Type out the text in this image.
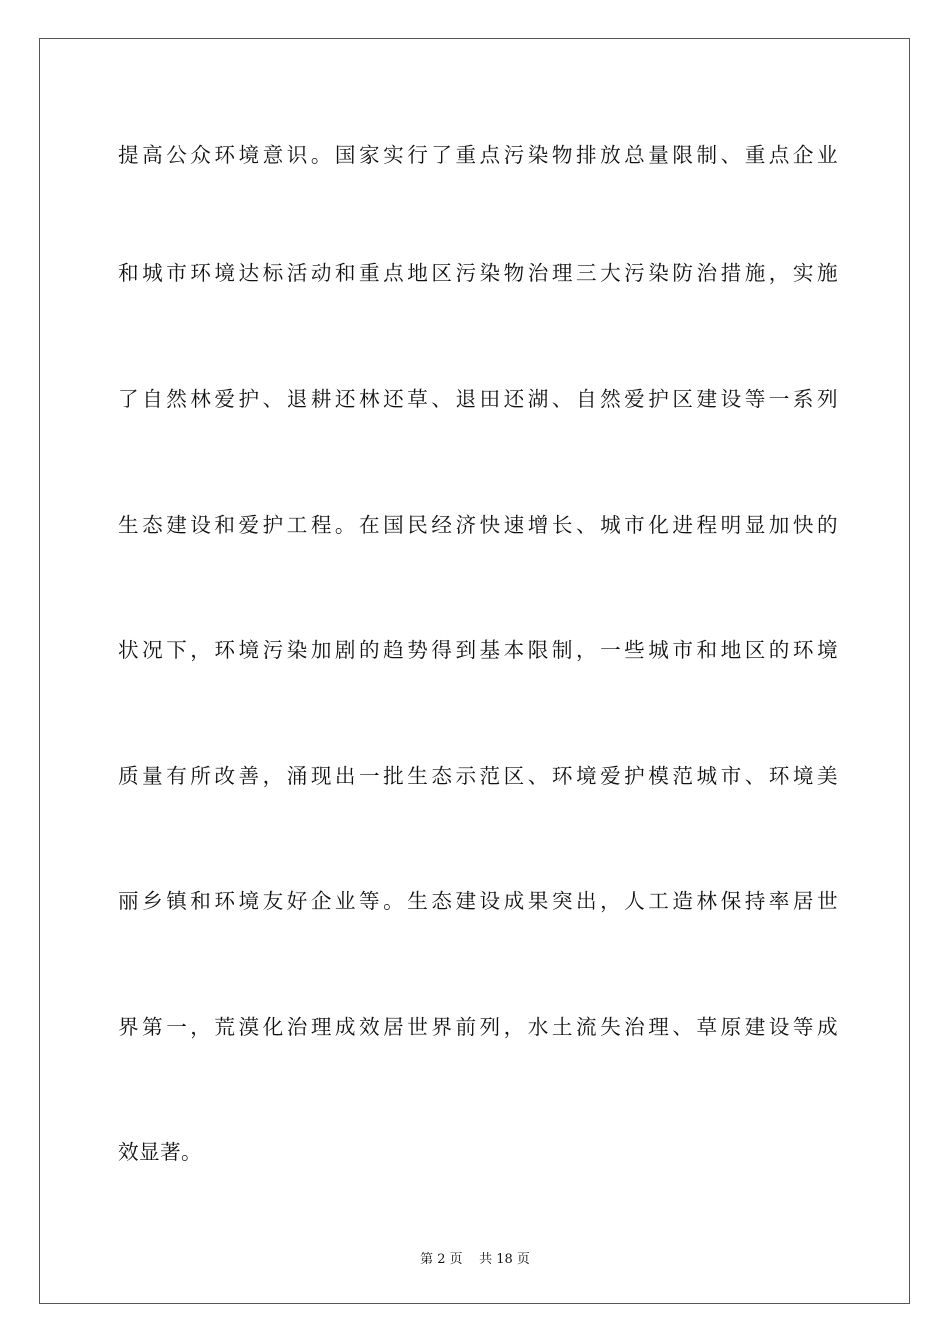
提高公众环境意识。国家实行了重点污染物排放总量限制、重点企业
和城市环境达标活动和重点地区污染物治理三大污染防治措施，实施
了自然林爱护、退耕还林还草、退田还湖、自然爱护区建设等一系列
生态建设和爱护工程。在国民经济快速增长、城市化进程明显加快的
状况下，环境污染加剧的趋势得到基本限制，一些城市和地区的环境
质量有所改善，涌现出一批生态示范区、环境爱护模范城市、环境美
丽乡镇和环境友好企业等。生态建设成果突出，人工造林保持率居世
界第一，荒漠化治理成效居世界前列，水土流失治理、草原建设等成
效显著。
第 2 页    共 18 页
